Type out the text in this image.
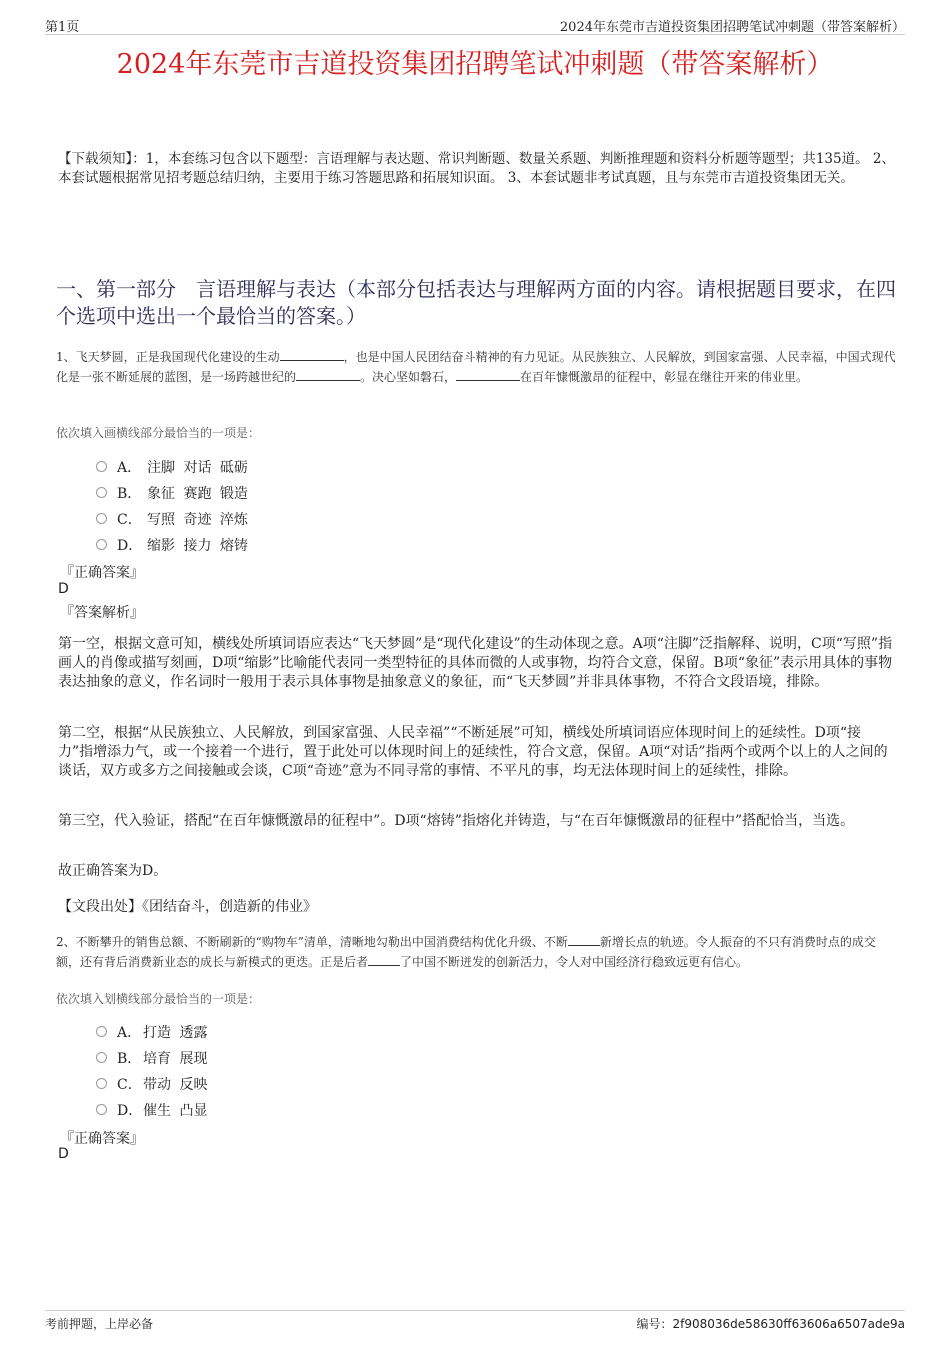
第1页	2024年东莞市吉道投资集团招聘笔试冲刺题（带答案解析）
2024年东莞市吉道投资集团招聘笔试冲刺题（带答案解析）
【下载须知】：1，本套练习包含以下题型：言语理解与表达题、常识判断题、数量关系题、判断推理题和资料分析题等题型；共135道。 2、本套试题根据常见招考题总结归纳，主要用于练习答题思路和拓展知识面。 3、本套试题非考试真题，且与东莞市吉道投资集团无关。
一、第一部分　言语理解与表达（本部分包括表达与理解两方面的内容。请根据题目要求，在四个选项中选出一个最恰当的答案。）
1、飞天梦圆，正是我国现代化建设的生动	，也是中国人民团结奋斗精神的有力见证。从民族独立、人民解放，到国家富强、人民幸福，中国式现代化是一张不断延展的蓝图，是一场跨越世纪的	。决心坚如磐石，	在百年慷慨激昂的征程中，彰显在继往开来的伟业里。
依次填入画横线部分最恰当的一项是：
A． 注脚 对话 砥砺
B． 象征 赛跑 锻造
C． 写照 奇迹 淬炼
D． 缩影 接力 熔铸
『正确答案』
D
『答案解析』
第一空，根据文意可知，横线处所填词语应表达“飞天梦圆”是“现代化建设”的生动体现之意。A项“注脚”泛指解释、说明，C项“写照”指画人的肖像或描写刻画，D项“缩影”比喻能代表同一类型特征的具体而微的人或事物，均符合文意，保留。B项“象征”表示用具体的事物表达抽象的意义，作名词时一般用于表示具体事物是抽象意义的象征，而“飞天梦圆”并非具体事物，不符合文段语境，排除。
第二空，根据“从民族独立、人民解放，到国家富强、人民幸福”“不断延展”可知，横线处所填词语应体现时间上的延续性。D项“接力”指增添力气，或一个接着一个进行，置于此处可以体现时间上的延续性，符合文意，保留。A项“对话”指两个或两个以上的人之间的谈话，双方或多方之间接触或会谈，C项“奇迹”意为不同寻常的事情、不平凡的事，均无法体现时间上的延续性，排除。
第三空，代入验证，搭配“在百年慷慨激昂的征程中”。D项“熔铸”指熔化并铸造，与“在百年慷慨激昂的征程中”搭配恰当，当选。
故正确答案为D。
【文段出处】《团结奋斗，创造新的伟业》
2、不断攀升的销售总额、不断刷新的“购物车”清单，清晰地勾勒出中国消费结构优化升级、不断	新增长点的轨迹。令人振奋的不只有消费时点的成交额，还有背后消费新业态的成长与新模式的更迭。正是后者	了中国不断迸发的创新活力，令人对中国经济行稳致远更有信心。
依次填入划横线部分最恰当的一项是：
A． 打造 透露
B． 培育 展现
C．带动 反映
D．催生 凸显
『正确答案』
D
考前押题，上岸必备	编号：2f908036de58630ff63606a6507ade9a
